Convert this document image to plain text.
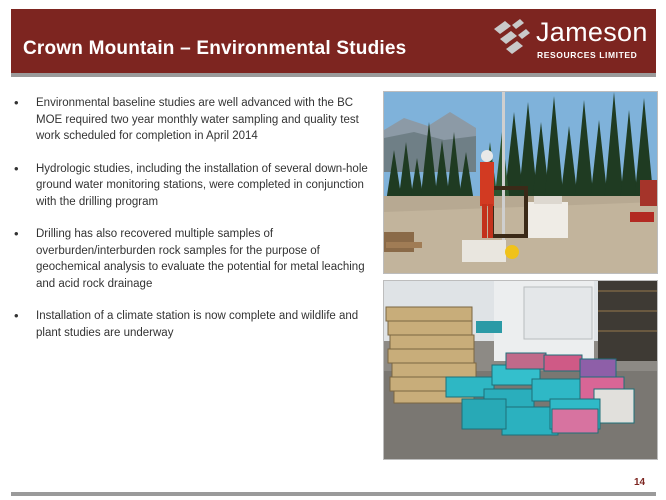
Crown Mountain – Environmental Studies
Jameson
RESOURCES LIMITED
• Environmental baseline studies are well advanced with the BC MOE required two year monthly water sampling and quality test work scheduled for completion in April 2014
• Hydrologic studies, including the installation of several down-hole ground water monitoring stations, were completed in conjunction with the drilling program
• Drilling has also recovered multiple samples of overburden/interburden rock samples for the purpose of geochemical analysis to evaluate the potential for metal leaching and acid rock drainage
• Installation of a climate station is now complete and wildlife and plant studies are underway
14
